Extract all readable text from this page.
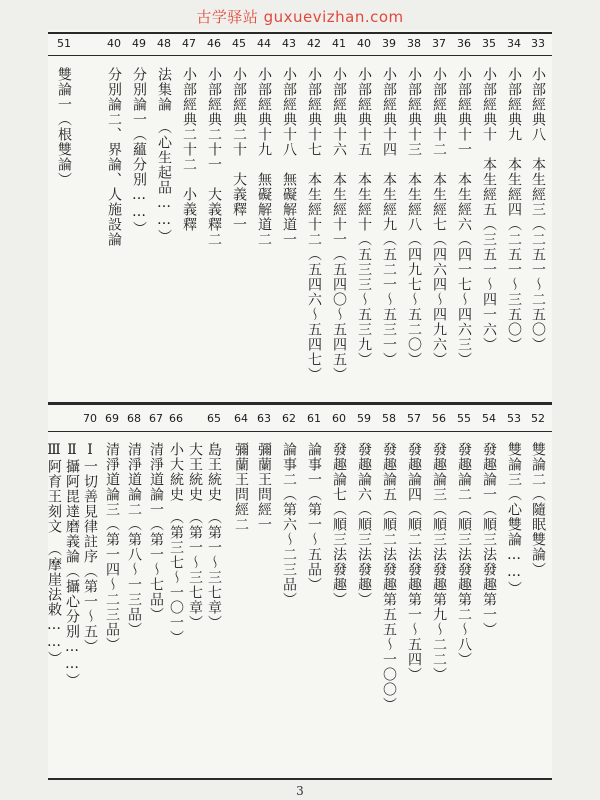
古学驿站 guxuevizhan.com
33
小部經典八　本生經三（二五一～二五〇）
34
小部經典九　本生經四（二五一～三五〇）
35
小部經典十　本生經五（三五一～四一六）
36
小部經典十一　本生經六（四一七～四六三）
37
小部經典十二　本生經七（四六四～四九六）
38
小部經典十三　本生經八（四九七～五二〇）
39
小部經典十四　本生經九（五二一～五三一）
40
小部經典十五　本生經十（五三三～五三九）
41
小部經典十六　本生經十一（五四〇～五四五）
42
小部經典十七　本生經十二（五四六～五四七）
43
小部經典十八　無礙解道一
44
小部經典十九　無礙解道二
45
小部經典二十　大義釋一
46
小部經典二十一　大義釋二
47
小部經典二十二　小義釋
48
法集論　（心生起品……）
49
分別論一（蘊分別……）
40
分別論二、界論、人施設論
51
雙論一（根雙論）
52
雙論二（隨眠雙論）
53
雙論三（心雙論……）
54
發趣論一（順三法發趣第一）
55
發趣論二（順三法發趣第二～八）
56
發趣論三（順三法發趣第九～二二）
57
發趣論四（順二法發趣第一～五四）
58
發趣論五（順二法發趣第五五～一〇〇）
59
發趣論六（順三法發趣）
60
發趣論七（順三法發趣）
61
論事一（第一～五品）
62
論事二（第六～二三品）
63
彌蘭王問經一
64
彌蘭王問經二
65
島王統史　（第一～三七章）
大王統史　（第一～三七章）
66
小大統史　（第三七～一〇一）
67
清淨道論一（第一～七品）
68
清淨道論二（第八～一三品）
69
清淨道論三（第一四～二三品）
70
Ⅰ一切善見律註序（第一～五）
Ⅱ攝阿毘達磨義論（攝心分別……）
Ⅲ阿育王刻文　（摩崖法敕……）
3
